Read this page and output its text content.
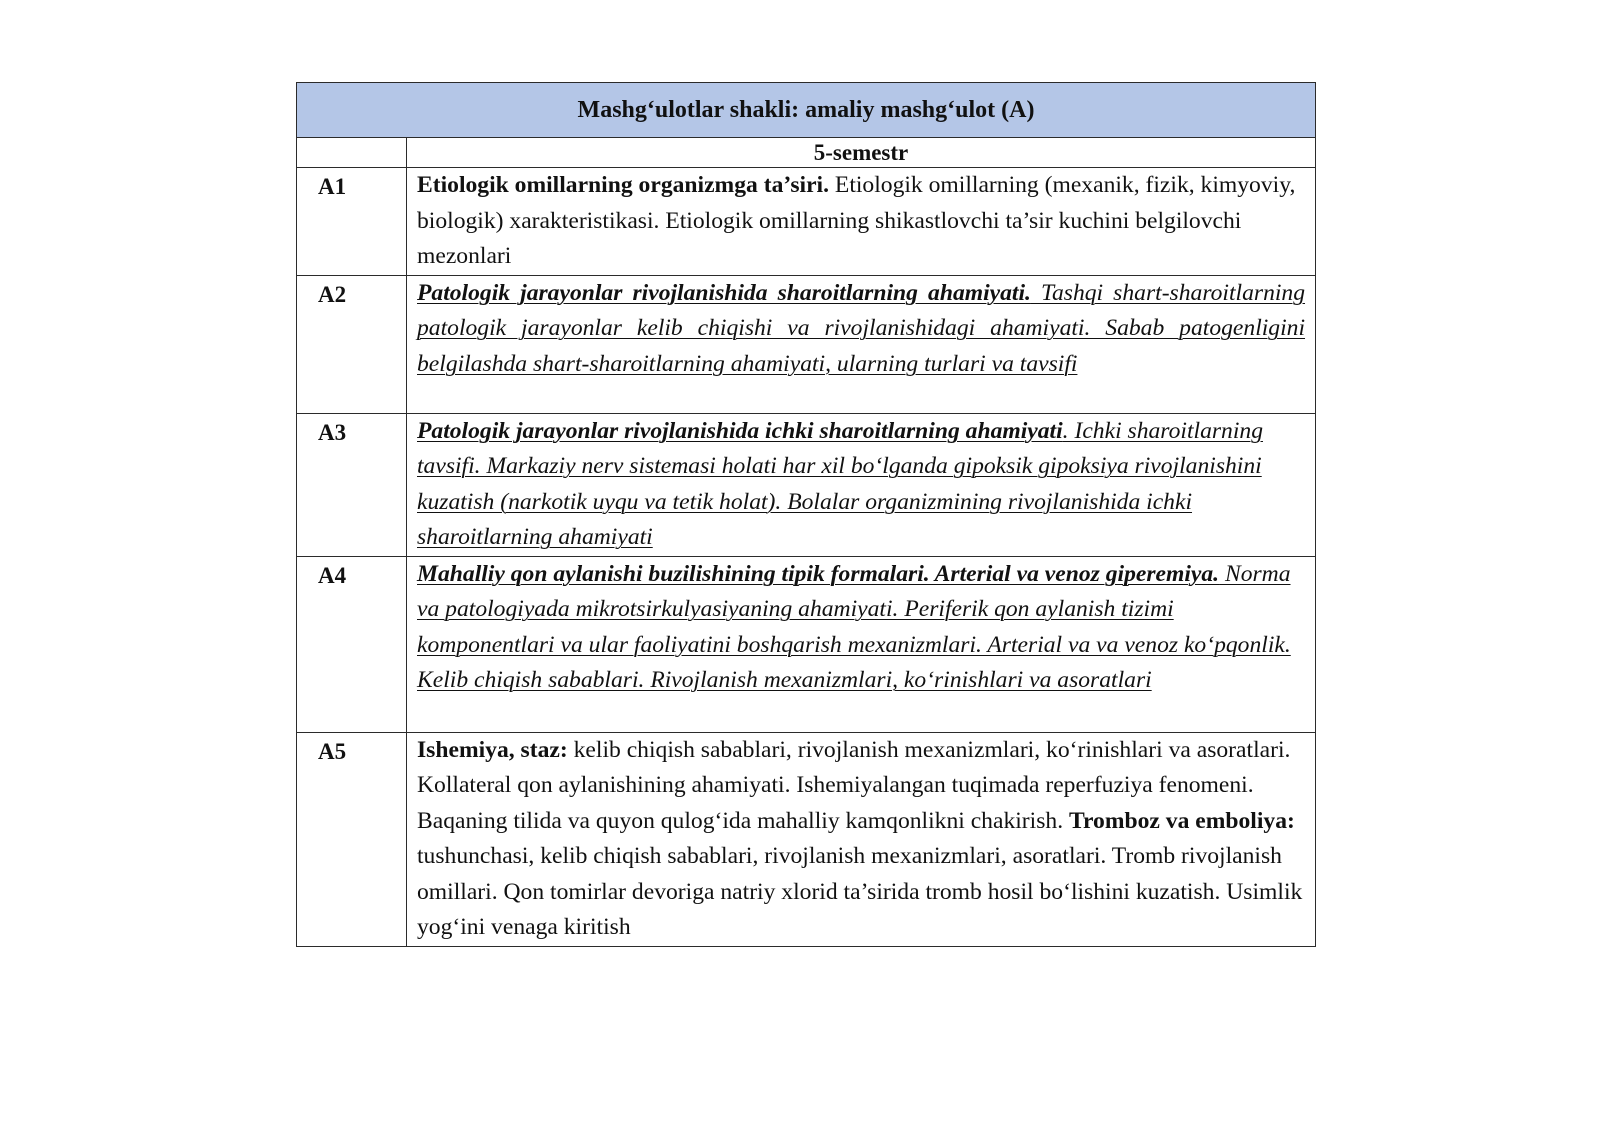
Mashg‘ulotlar shakli: amaliy mashg‘ulot (A)	
	5-semestr
A1	Etiologik omillarning organizmga ta’siri. Etiologik omillarning (mexanik, fizik, kimyoviy, biologik) xarakteristikasi. Etiologik omillarning shikastlovchi ta’sir kuchini belgilovchi mezonlari
A2	Patologik jarayonlar rivojlanishida sharoitlarning ahamiyati. Tashqi shart-sharoitlarning patologik jarayonlar kelib chiqishi va rivojlanishidagi ahamiyati. Sabab patogenligini belgilashda shart-sharoitlarning ahamiyati, ularning turlari va tavsifi
A3	Patologik jarayonlar rivojlanishida ichki sharoitlarning ahamiyati. Ichki sharoitlarning tavsifi. Markaziy nerv sistemasi holati har xil bo‘lganda gipoksik gipoksiya rivojlanishini kuzatish (narkotik uyqu va tetik holat). Bolalar organizmining rivojlanishida ichki sharoitlarning ahamiyati
A4	Mahalliy qon aylanishi buzilishining tipik formalari. Arterial va venoz giperemiya. Norma va patologiyada mikrotsirkulyasiyaning ahamiyati. Periferik qon aylanish tizimi komponentlari va ular faoliyatini boshqarish mexanizmlari. Arterial va va venoz ko‘pqonlik. Kelib chiqish sabablari. Rivojlanish mexanizmlari, ko‘rinishlari va asoratlari
A5	Ishemiya, staz: kelib chiqish sabablari, rivojlanish mexanizmlari, ko‘rinishlari va asoratlari. Kollateral qon aylanishining ahamiyati. Ishemiyalangan tuqimada reperfuziya fenomeni. Baqaning tilida va quyon qulog‘ida mahalliy kamqonlikni chakirish. Tromboz va emboliya: tushunchasi, kelib chiqish sabablari, rivojlanish mexanizmlari, asoratlari. Tromb rivojlanish omillari. Qon tomirlar devoriga natriy xlorid ta’sirida tromb hosil bo‘lishini kuzatish. Usimlik yog‘ini venaga kiritish
